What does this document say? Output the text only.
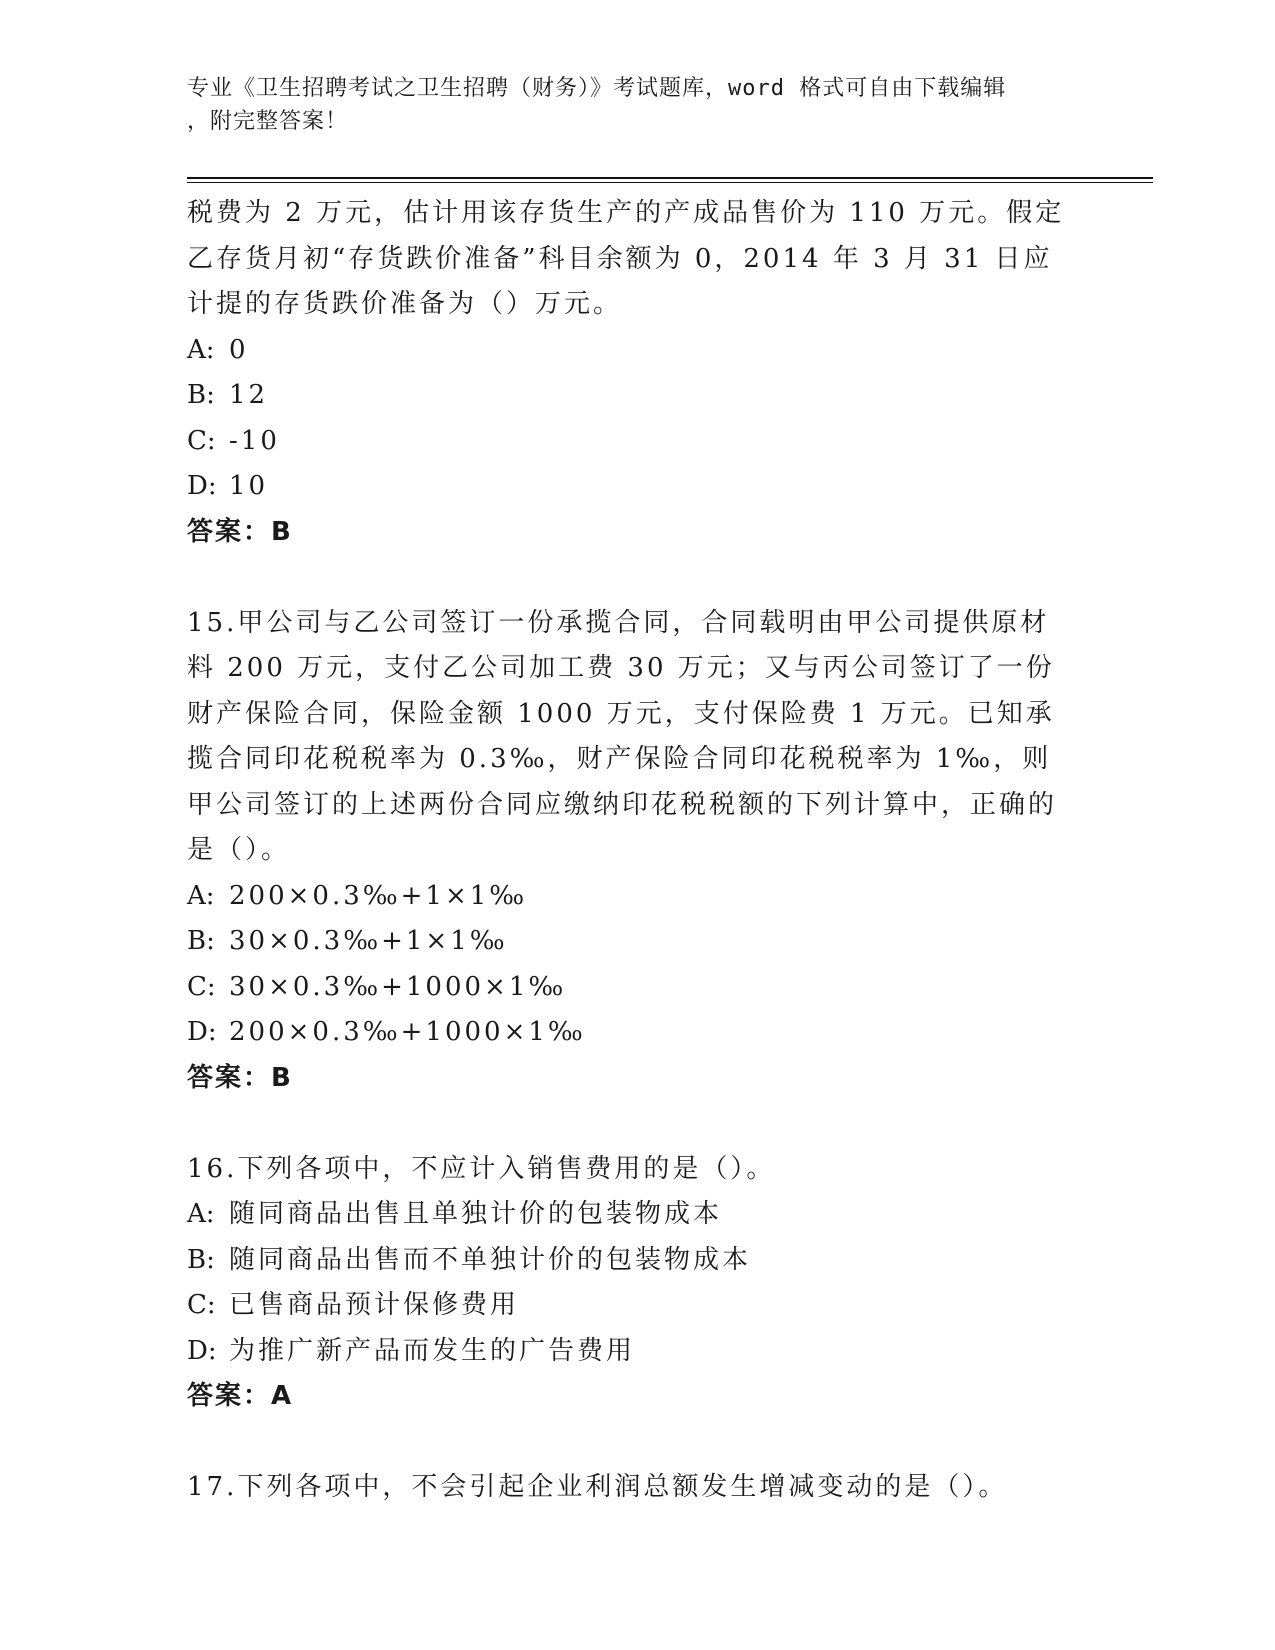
专业《卫生招聘考试之卫生招聘（财务）》考试题库，word 格式可自由下载编辑
，附完整答案！

税费为 2 万元，估计用该存货生产的产成品售价为 110 万元。假定乙存货月初“存货跌价准备”科目余额为 0，2014 年 3 月 31 日应计提的存货跌价准备为（）万元。

A: 0

B: 12

C: -10

D: 10

答案：B

15.甲公司与乙公司签订一份承揽合同，合同载明由甲公司提供原材料 200 万元，支付乙公司加工费 30 万元；又与丙公司签订了一份财产保险合同，保险金额 1000 万元，支付保险费 1 万元。已知承揽合同印花税税率为 0.3‰，财产保险合同印花税税率为 1‰，则甲公司签订的上述两份合同应缴纳印花税税额的下列计算中，正确的是（）。

A: 200×0.3‰+1×1‰

B: 30×0.3‰+1×1‰

C: 30×0.3‰+1000×1‰

D: 200×0.3‰+1000×1‰

答案：B

16.下列各项中，不应计入销售费用的是（）。

A: 随同商品出售且单独计价的包装物成本

B: 随同商品出售而不单独计价的包装物成本

C: 已售商品预计保修费用

D: 为推广新产品而发生的广告费用

答案：A

17.下列各项中，不会引起企业利润总额发生增减变动的是（）。
